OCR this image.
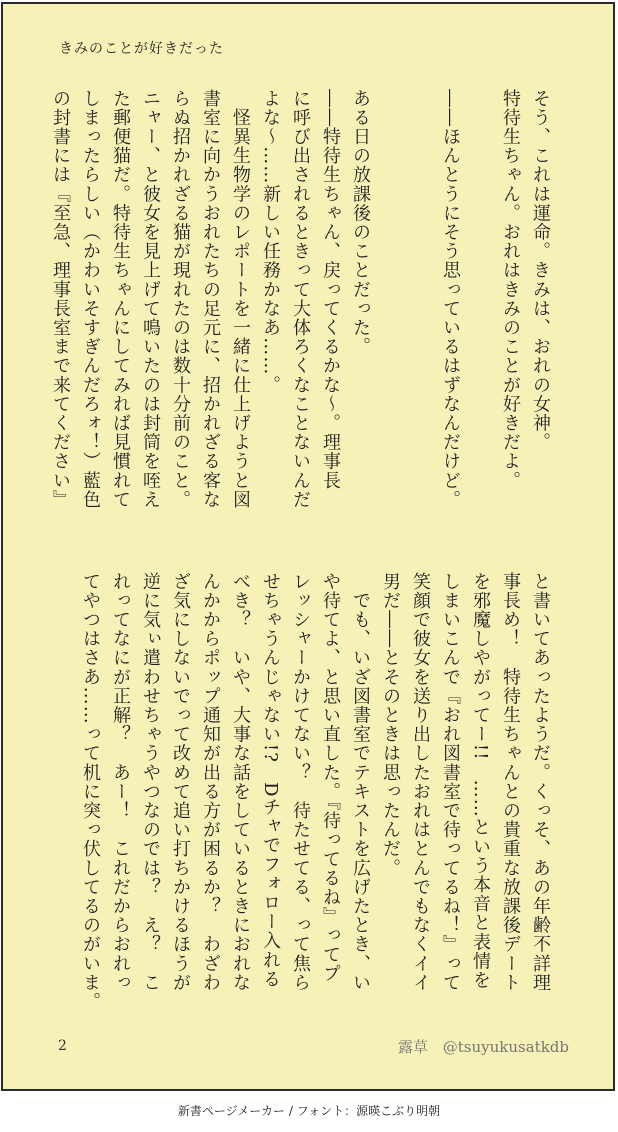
きみのことが好きだった

そう、これは運命。きみは、おれの女神。

特待生ちゃん。おれはきみのことが好きだよ。

――ほんとうにそう思っているはずなんだけど。

ある日の放課後のことだった。

――特待生ちゃん、戻ってくるかな～。理事長

に呼び出されるときって大体ろくなことないんだ

よな～……新しい任務かなあ……。

　怪異生物学のレポートを一緒に仕上げようと図

書室に向かうおれたちの足元に、招かれざる客な

らぬ招かれざる猫が現れたのは数十分前のこと。

ニャー、と彼女を見上げて鳴いたのは封筒を咥え

た郵便猫だ。特待生ちゃんにしてみれば見慣れて

しまったらしい（かわいそすぎんだろォ！）藍色

の封書には『至急、理事長室まで来てください』

と書いてあったようだ。くっそ、あの年齢不詳理

事長め！　特待生ちゃんとの貴重な放課後デート

を邪魔しやがってー!!　……という本音と表情を

しまいこんで『おれ図書室で待ってるね！』って

笑顔で彼女を送り出したおれはとんでもなくイイ

男だ――とそのときは思ったんだ。

　でも、いざ図書室でテキストを広げたとき、い

や待てよ、と思い直した。『待ってるね』ってプ

レッシャーかけてない？　待たせてる、って焦ら

せちゃうんじゃない!?　Dチャでフォロー入れる

べき？　いや、大事な話をしているときにおれな

んかからポップ通知が出る方が困るか？　わざわ

ざ気にしないでって改めて追い打ちかけるほうが

逆に気ぃ遣わせちゃうやつなのでは？　え？　こ

れってなにが正解？　あー！　これだからおれっ

てやつはさあ……って机に突っ伏してるのがいま。

2	露草 @tsuyukusatkdb
新書ページメーカー / フォント：源暎こぶり明朝
